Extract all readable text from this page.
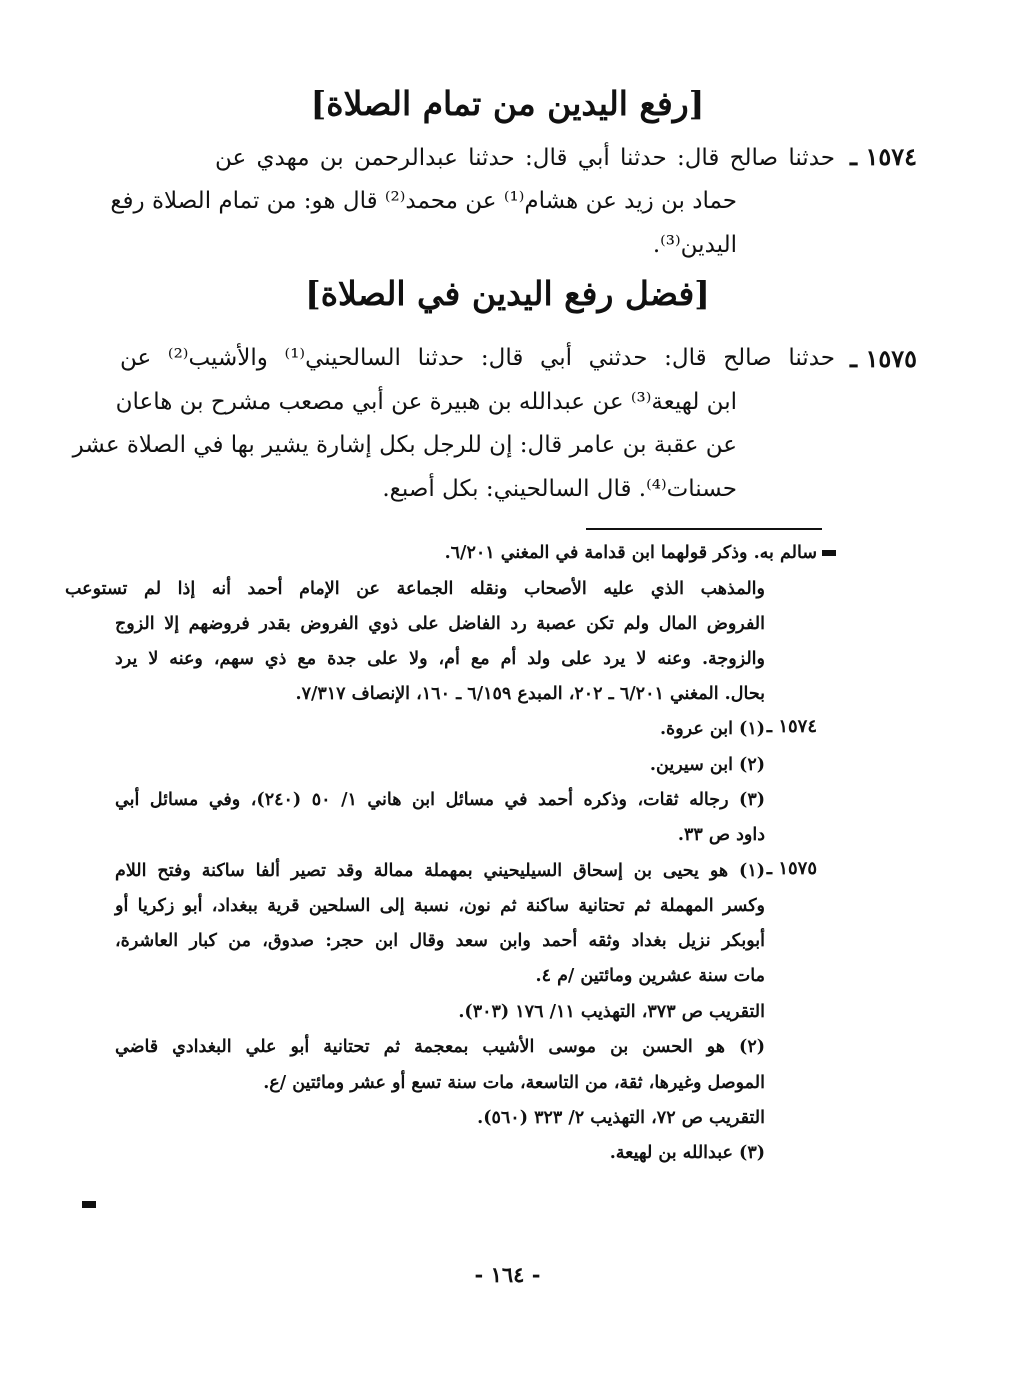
[رفع اليدين من تمام الصلاة]
١٥٧٤ ـ
حدثنا صالح قال: حدثنا أبي قال: حدثنا عبدالرحمن بن مهدي عن
حماد بن زيد عن هشام⁽¹⁾ عن محمد⁽²⁾ قال هو: من تمام الصلاة رفع
اليدين⁽³⁾.
[فضل رفع اليدين في الصلاة]
١٥٧٥ ـ
حدثنا صالح قال: حدثني أبي قال: حدثنا السالحيني⁽¹⁾ والأشيب⁽²⁾ عن
ابن لهيعة⁽³⁾ عن عبدالله بن هبيرة عن أبي مصعب مشرح بن هاعان
عن عقبة بن عامر قال: إن للرجل بكل إشارة يشير بها في الصلاة عشر
حسنات⁽⁴⁾. قال السالحيني: بكل أصبع.
سالم به. وذكر قولهما ابن قدامة في المغني ٦/٢٠١.
والمذهب الذي عليه الأصحاب ونقله الجماعة عن الإمام أحمد أنه إذا لم تستوعب
الفروض المال ولم تكن عصبة رد الفاضل على ذوي الفروض بقدر فروضهم إلا الزوج
والزوجة. وعنه لا يرد على ولد أم مع أم، ولا على جدة مع ذي سهم، وعنه لا يرد
بحال. المغني ٦/٢٠١ ـ ٢٠٢، المبدع ٦/١٥٩ ـ ١٦٠، الإنصاف ٧/٣١٧.
١٥٧٤ ـ
(١) ابن عروة.
(٢) ابن سيرين.
(٣) رجاله ثقات، وذكره أحمد في مسائل ابن هاني ١/ ٥٠ (٢٤٠)، وفي مسائل أبي
داود ص ٣٣.
١٥٧٥ ـ
(١) هو يحيى بن إسحاق السيليحيني بمهملة ممالة وقد تصير ألفا ساكنة وفتح اللام
وكسر المهملة ثم تحتانية ساكنة ثم نون، نسبة إلى السلحين قرية ببغداد، أبو زكريا أو
أبوبكر نزيل بغداد وثقه أحمد وابن سعد وقال ابن حجر: صدوق، من كبار العاشرة،
مات سنة عشرين ومائتين /م ٤.
التقريب ص ٣٧٣، التهذيب ١١/ ١٧٦ (٣٠٣).
(٢) هو الحسن بن موسى الأشيب بمعجمة ثم تحتانية أبو علي البغدادي قاضي
الموصل وغيرها، ثقة، من التاسعة، مات سنة تسع أو عشر ومائتين /ع.
التقريب ص ٧٢، التهذيب ٢/ ٣٢٣ (٥٦٠).
(٣) عبدالله بن لهيعة.
- ١٦٤ -
